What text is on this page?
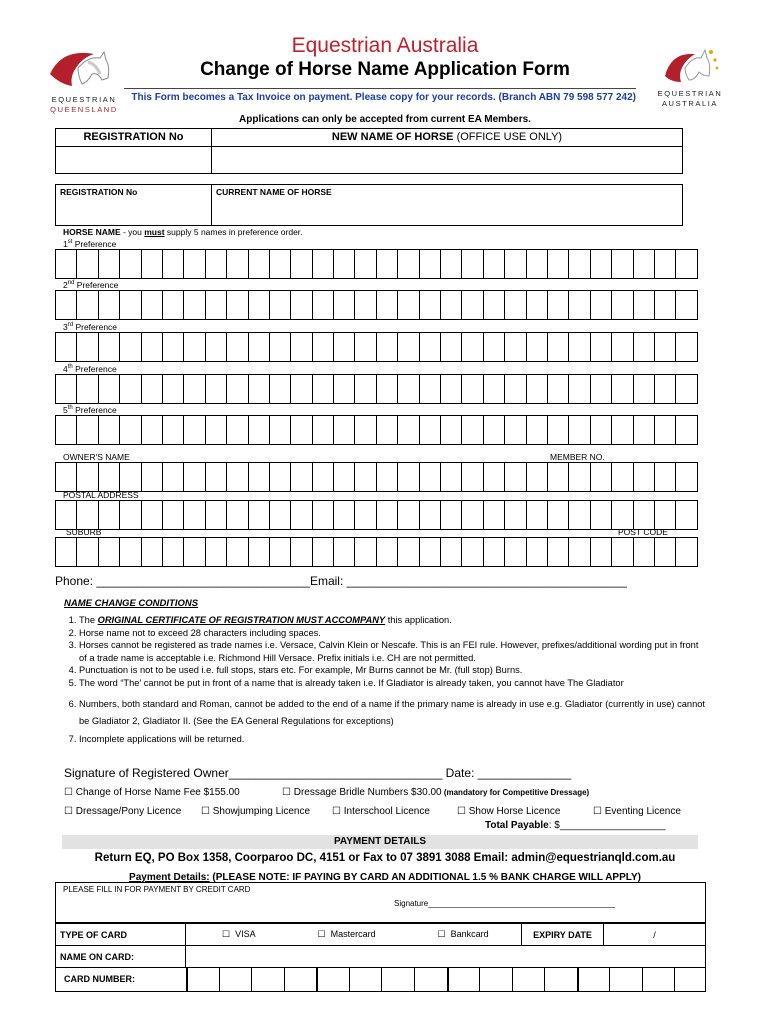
EQUESTRIAN
QUEENSLAND
EQUESTRIAN
AUSTRALIA
Equestrian Australia
Change of Horse Name Application Form
This Form becomes a Tax Invoice on payment. Please copy for your records. (Branch ABN 79 598 577 242)
Applications can only be accepted from current EA Members.
REGISTRATION No	NEW NAME OF HORSE (OFFICE USE ONLY)

REGISTRATION No	CURRENT NAME OF HORSE
HORSE NAME - you must supply 5 names in preference order.
1st Preference
2nd Preference
3rd Preference
4th Preference
5th Preference

OWNER'S NAME	MEMBER NO.
POSTAL ADDRESS
SUBURB	POST CODE
Phone: ________________________________Email: __________________________________________
NAME CHANGE CONDITIONS
1. The ORIGINAL CERTIFICATE OF REGISTRATION MUST ACCOMPANY this application.
2. Horse name not to exceed 28 characters including spaces.
3. Horses cannot be registered as trade names i.e. Versace, Calvin Klein or Nescafe. This is an FEI rule. However, prefixes/additional wording put in front of a trade name is acceptable i.e. Richmond Hill Versace. Prefix initials i.e. CH are not permitted.
4. Punctuation is not to be used i.e. full stops, stars etc. For example, Mr Burns cannot be Mr. (full stop) Burns.
5. The word “The’ cannot be put in front of a name that is already taken i.e. If Gladiator is already taken, you cannot have The Gladiator
6. Numbers, both standard and Roman, cannot be added to the end of a name if the primary name is already in use e.g. Gladiator (currently in use) cannot be Gladiator 2, Gladiator II. (See the EA General Regulations for exceptions)
7. Incomplete applications will be returned.
Signature of Registered Owner________________________________ Date: ______________
☐ Change of Horse Name Fee $155.00	☐ Dressage Bridle Numbers $30.00 (mandatory for Competitive Dressage)
☐ Dressage/Pony Licence ☐ Showjumping Licence ☐ Interschool Licence	☐ Show Horse Licence	☐ Eventing Licence
Total Payable: $___________________
PAYMENT DETAILS
Return EQ, PO Box 1358, Coorparoo DC, 4151 or Fax to 07 3891 3088 Email: admin@equestrianqld.com.au
Payment Details: (PLEASE NOTE: IF PAYING BY CARD AN ADDITIONAL 1.5 % BANK CHARGE WILL APPLY)
PLEASE FILL IN FOR PAYMENT BY CREDIT CARD
Signature__________________________________________
TYPE OF CARD	☐ VISA	☐ Mastercard	☐ Bankcard	EXPIRY DATE	/
NAME ON CARD:	
CARD NUMBER:
